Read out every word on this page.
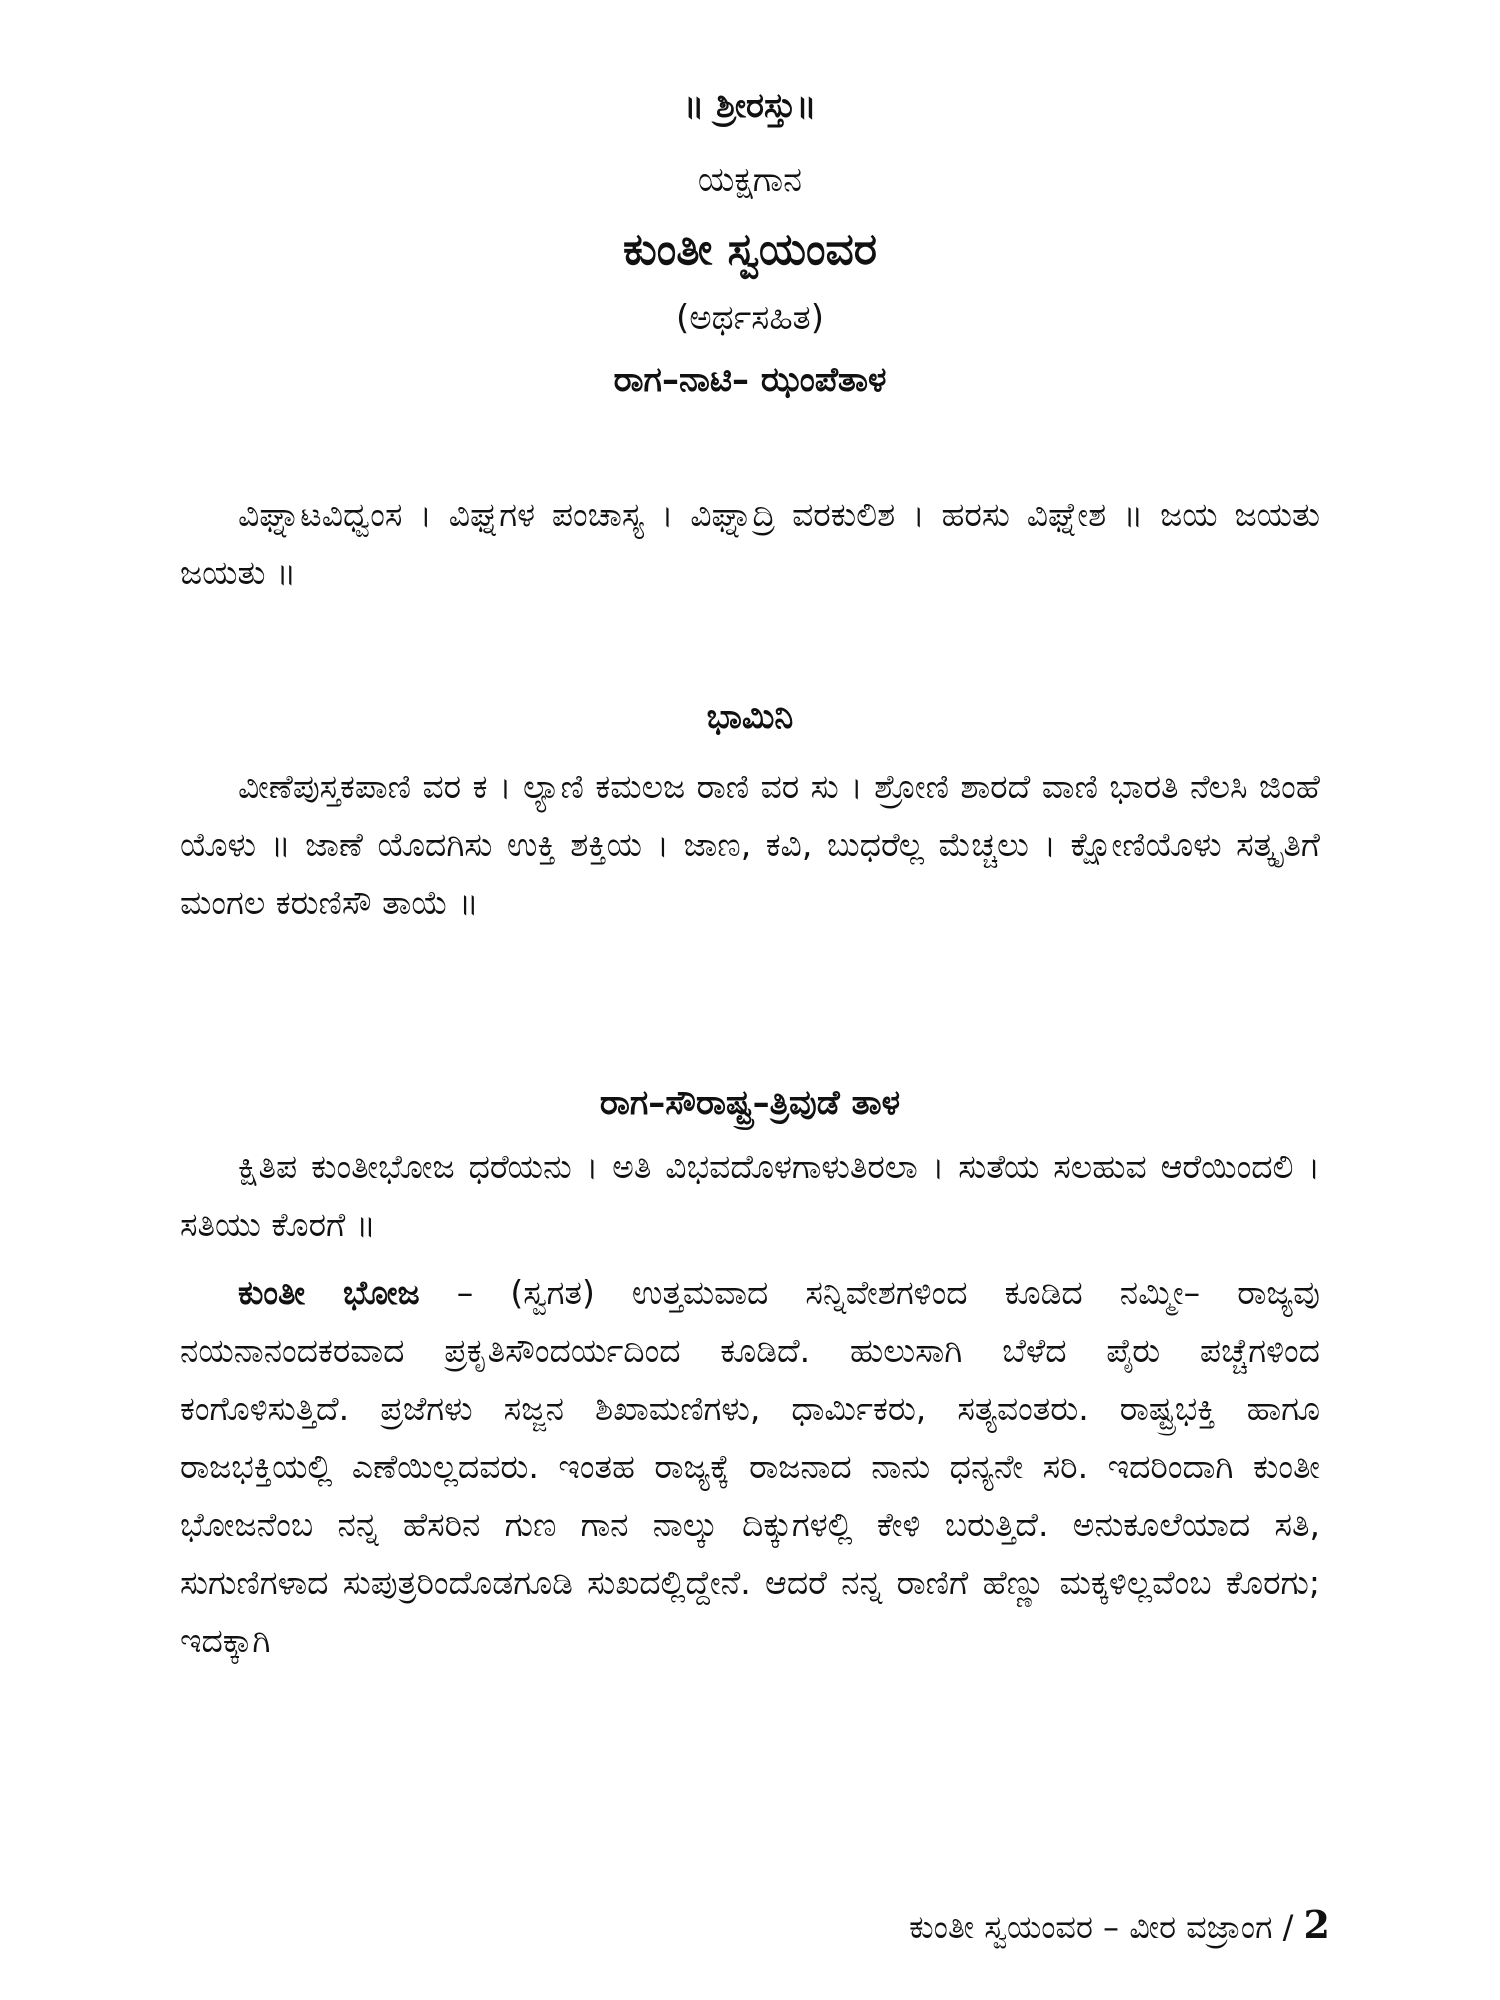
॥ ಶ್ರೀರಸ್ತು॥
ಯಕ್ಷಗಾನ
ಕುಂತೀ ಸ್ವಯಂವರ
(ಅರ್ಥಸಹಿತ)
ರಾಗ–ನಾಟಿ– ಝಂಪೆತಾಳ

ವಿಘ್ನಾಟವಿಧ್ವಂಸ । ವಿಘ್ನಗಳ ಪಂಚಾಸ್ಯ । ವಿಘ್ನಾದ್ರಿ ವರಕುಲಿಶ । ಹರಸು ವಿಘ್ನೇಶ ॥ ಜಯ ಜಯತು ಜಯತು ॥

ಭಾಮಿನಿ

ವೀಣೆಪುಸ್ತಕಪಾಣಿ ವರ ಕ । ಲ್ಯಾಣಿ ಕಮಲಜ ರಾಣಿ ವರ ಸು । ಶ್ರೋಣಿ ಶಾರದೆ ವಾಣಿ ಭಾರತಿ ನೆಲಸಿ ಜಿಂಹೆ ಯೊಳು ॥ ಜಾಣೆ ಯೊದಗಿಸು ಉಕ್ತಿ ಶಕ್ತಿಯ । ಜಾಣ, ಕವಿ, ಬುಧರೆಲ್ಲ ಮೆಚ್ಚಲು । ಕ್ಷೋಣಿಯೊಳು ಸತ್ಕೃತಿಗೆ ಮಂಗಲ ಕರುಣಿಸೌ ತಾಯೆ ॥

ರಾಗ–ಸೌರಾಷ್ಟ್ರ–ತ್ರಿವುಡೆ ತಾಳ

ಕ್ಷಿತಿಪ ಕುಂತೀಭೋಜ ಧರೆಯನು । ಅತಿ ವಿಭವದೊಳಗಾಳುತಿರಲಾ । ಸುತೆಯ ಸಲಹುವ ಆರೆಯಿಂದಲಿ । ಸತಿಯು ಕೊರಗೆ ॥

ಕುಂತೀ ಭೋಜ – (ಸ್ವಗತ) ಉತ್ತಮವಾದ ಸನ್ನಿವೇಶಗಳಿಂದ ಕೂಡಿದ ನಮ್ಮೀ– ರಾಜ್ಯವು ನಯನಾನಂದಕರವಾದ ಪ್ರಕೃತಿಸೌಂದರ್ಯದಿಂದ ಕೂಡಿದೆ. ಹುಲುಸಾಗಿ ಬೆಳೆದ ಪೈರು ಪಚ್ಚೆಗಳಿಂದ ಕಂಗೊಳಿಸುತ್ತಿದೆ. ಪ್ರಜೆಗಳು ಸಜ್ಜನ ಶಿಖಾಮಣಿಗಳು, ಧಾರ್ಮಿಕರು, ಸತ್ಯವಂತರು. ರಾಷ್ಟ್ರಭಕ್ತಿ ಹಾಗೂ ರಾಜಭಕ್ತಿಯಲ್ಲಿ ಎಣೆಯಿಲ್ಲದವರು. ಇಂತಹ ರಾಜ್ಯಕ್ಕೆ ರಾಜನಾದ ನಾನು ಧನ್ಯನೇ ಸರಿ. ಇದರಿಂದಾಗಿ ಕುಂತೀ ಭೋಜನೆಂಬ ನನ್ನ ಹೆಸರಿನ ಗುಣ ಗಾನ ನಾಲ್ಕು ದಿಕ್ಕುಗಳಲ್ಲಿ ಕೇಳಿ ಬರುತ್ತಿದೆ. ಅನುಕೂಲೆಯಾದ ಸತಿ, ಸುಗುಣಿಗಳಾದ ಸುಪುತ್ರರಿಂದೊಡಗೂಡಿ ಸುಖದಲ್ಲಿದ್ದೇನೆ. ಆದರೆ ನನ್ನ ರಾಣಿಗೆ ಹೆಣ್ಣು ಮಕ್ಕಳಿಲ್ಲವೆಂಬ ಕೊರಗು; ಇದಕ್ಕಾಗಿ

ಕುಂತೀ ಸ್ವಯಂವರ – ವೀರ ವಜ್ರಾಂಗ / 2
